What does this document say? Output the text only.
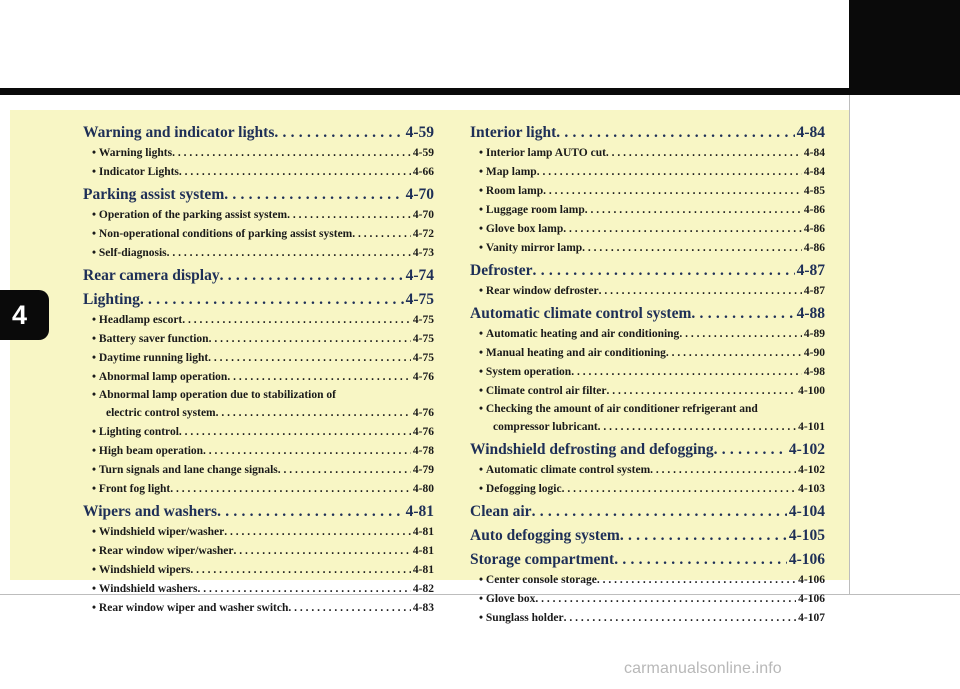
4
Warning and indicator lights . . .	4-59
• Warning lights . . .	4-59
• Indicator Lights . . .	4-66
Parking assist system . . .	4-70
• Operation of the parking assist system . . .	4-70
• Non-operational conditions of parking assist system . . .	4-72
• Self-diagnosis . . .	4-73
Rear camera display . . .	4-74
Lighting . . .	4-75
• Headlamp escort . . .	4-75
• Battery saver function . . .	4-75
• Daytime running light . . .	4-75
• Abnormal lamp operation . . .	4-76
• Abnormal lamp operation due to stabilization of
electric control system . . .	4-76
• Lighting control . . .	4-76
• High beam operation . . .	4-78
• Turn signals and lane change signals . . .	4-79
• Front fog light . . .	4-80
Wipers and washers . . .	4-81
• Windshield wiper/washer . . .	4-81
• Rear window wiper/washer . . .	4-81
• Windshield wipers . . .	4-81
• Windshield washers . . .	4-82
• Rear window wiper and washer switch . . .	4-83
Interior light . . .	4-84
• Interior lamp AUTO cut . . .	4-84
• Map lamp . . .	4-84
• Room lamp . . .	4-85
• Luggage room lamp . . .	4-86
• Glove box lamp . . .	4-86
• Vanity mirror lamp . . .	4-86
Defroster . . .	4-87
• Rear window defroster . . .	4-87
Automatic climate control system . . .	4-88
• Automatic heating and air conditioning . . .	4-89
• Manual heating and air conditioning . . .	4-90
• System operation . . .	4-98
• Climate control air filter . . .	4-100
• Checking the amount of air conditioner refrigerant and
compressor lubricant . . .	4-101
Windshield defrosting and defogging . . .	4-102
• Automatic climate control system . . .	4-102
• Defogging logic . . .	4-103
Clean air . . .	4-104
Auto defogging system . . .	4-105
Storage compartment . . .	4-106
• Center console storage . . .	4-106
• Glove box . . .	4-106
• Sunglass holder . . .	4-107
carmanualsonline.info
